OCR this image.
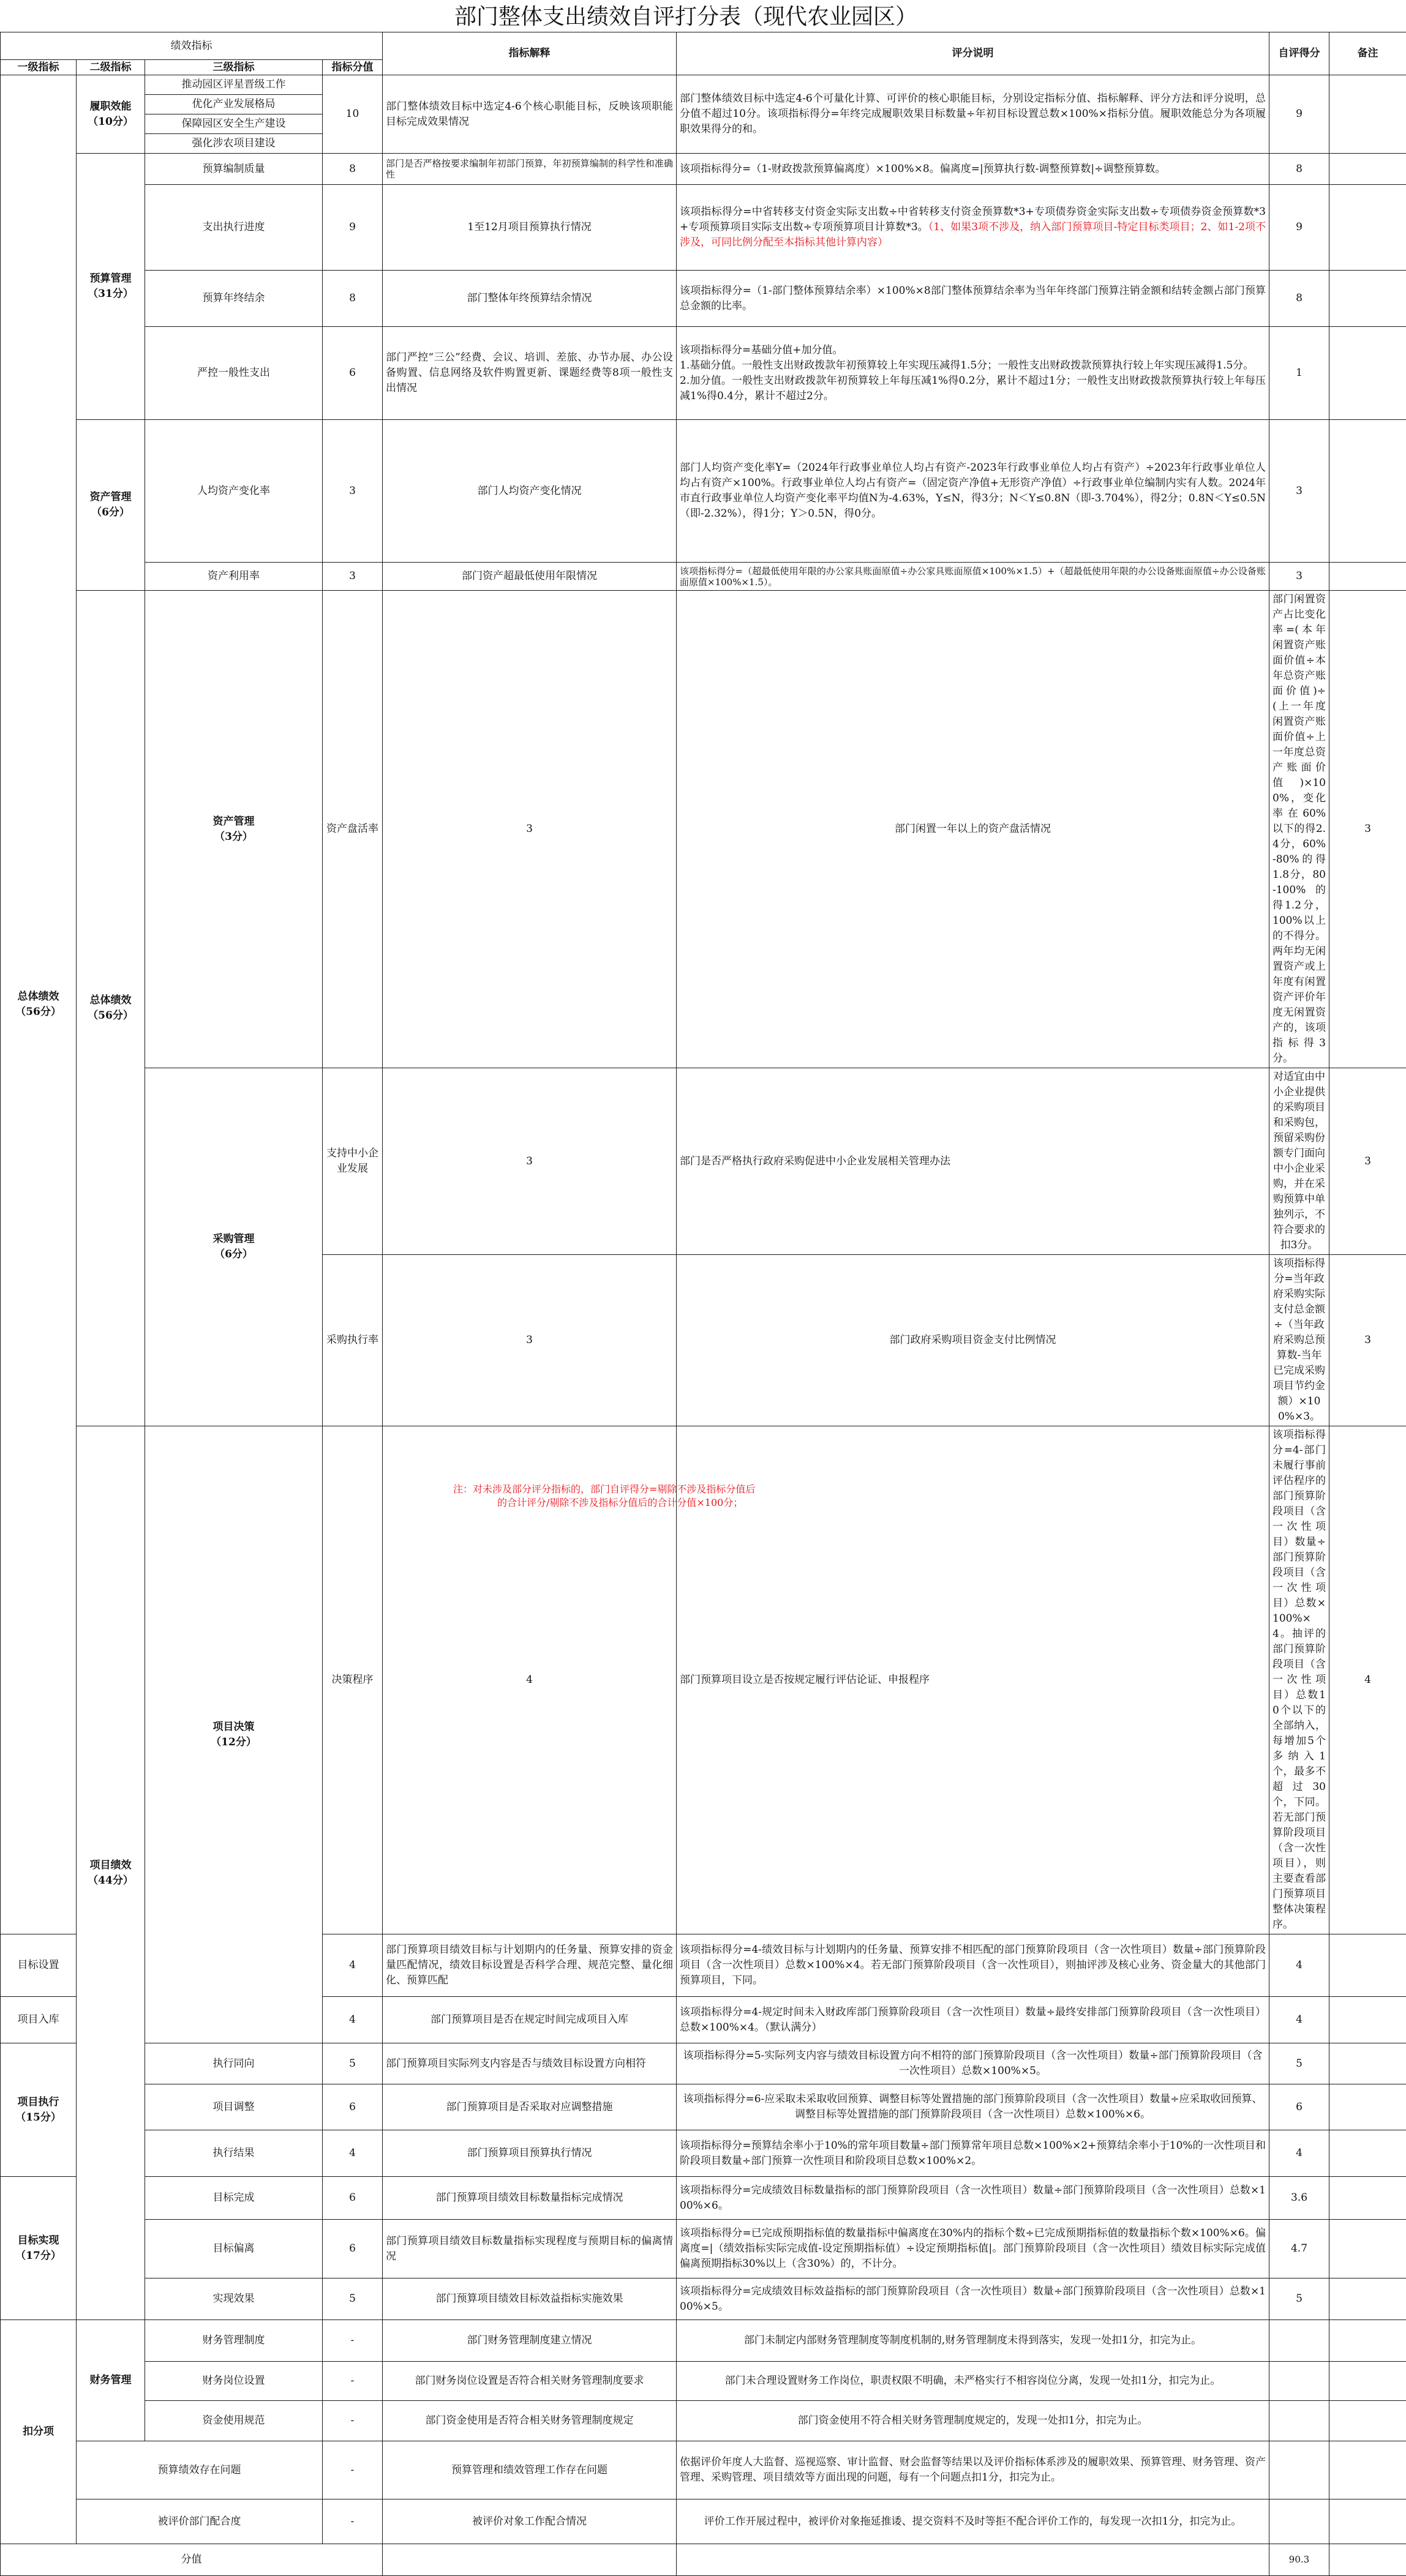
部门整体支出绩效自评打分表（现代农业园区）
绩效指标				指标解释	评分说明	自评得分	备注	
一级指标	二级指标	三级指标	指标分值					
总体绩效
（56分）	履职效能
（10分）	推动园区评星晋级工作	10	部门整体绩效目标中选定4-6个核心职能目标，反映该项职能目标完成效果情况	部门整体绩效目标中选定4-6个可量化计算、可评价的核心职能目标，分别设定指标分值、指标解释、评分方法和评分说明，总分值不超过10分。该项指标得分=年终完成履职效果目标数量÷年初目标设置总数×100%×指标分值。履职效能总分为各项履职效果得分的和。	9		
		优化产业发展格局						
		保障园区安全生产建设						
		强化涉农项目建设						
	预算管理
（31分）	预算编制质量	8	部门是否严格按要求编制年初部门预算，年初预算编制的科学性和准确性	该项指标得分=（1-财政拨款预算偏离度）×100%×8。偏离度=|预算执行数-调整预算数|÷调整预算数。	8		
		支出执行进度	9	1至12月项目预算执行情况	该项指标得分=中省转移支付资金实际支出数÷中省转移支付资金预算数*3+专项债券资金实际支出数÷专项债券资金预算数*3+专项预算项目实际支出数÷专项预算项目计算数*3。（1、如果3项不涉及，纳入部门预算项目-特定目标类项目；2、如1-2项不涉及，可同比例分配至本指标其他计算内容）	9		
		预算年终结余	8	部门整体年终预算结余情况	该项指标得分=（1-部门整体预算结余率）×100%×8部门整体预算结余率为当年年终部门预算注销金额和结转金额占部门预算总金额的比率。	8		
		严控一般性支出	6	部门严控“三公”经费、会议、培训、差旅、办节办展、办公设备购置、信息网络及软件购置更新、课题经费等8项一般性支出情况	该项指标得分=基础分值+加分值。
1.基础分值。一般性支出财政拨款年初预算较上年实现压减得1.5分；一般性支出财政拨款预算执行较上年实现压减得1.5分。
2.加分值。一般性支出财政拨款年初预算较上年每压减1%得0.2分，累计不超过1分；一般性支出财政拨款预算执行较上年每压减1%得0.4分，累计不超过2分。	1		
	资产管理
（6分）	人均资产变化率	3	部门人均资产变化情况	部门人均资产变化率Y=（2024年行政事业单位人均占有资产-2023年行政事业单位人均占有资产）÷2023年行政事业单位人均占有资产×100%。行政事业单位人均占有资产=（固定资产净值+无形资产净值）÷行政事业单位编制内实有人数。2024年市直行政事业单位人均资产变化率平均值N为-4.63%，Y≤N，得3分；N＜Y≤0.8N（即-3.704%），得2分；0.8N＜Y≤0.5N（即-2.32%），得1分；Y＞0.5N，得0分。	3		
		资产利用率	3	部门资产超最低使用年限情况	该项指标得分=（超最低使用年限的办公家具账面原值÷办公家具账面原值×100%×1.5）+（超最低使用年限的办公设备账面原值÷办公设备账面原值×100%×1.5）。	3		
	总体绩效
（56分）	资产管理
（3分）	资产盘活率	3	部门闲置一年以上的资产盘活情况	部门闲置资产占比变化率=(本年闲置资产账面价值÷本年总资产账面价值)÷(上一年度闲置资产账面价值÷上一年度总资产账面价值)×100%，变化率在60%以下的得2.4分，60%-80%的得1.8分，80-100%的得1.2分，100%以上的不得分。两年均无闲置资产或上年度有闲置资产评价年度无闲置资产的，该项指标得3分。	3	
		采购管理
（6分）	支持中小企业发展	3	部门是否严格执行政府采购促进中小企业发展相关管理办法	对适宜由中小企业提供的采购项目和采购包，预留采购份额专门面向中小企业采购，并在采购预算中单独列示，不符合要求的扣3分。	3	
			采购执行率	3	部门政府采购项目资金支付比例情况	该项指标得分=当年政府采购实际支付总金额÷（当年政府采购总预算数-当年已完成采购项目节约金额）×100%×3。	3	
	项目绩效
（44分）	项目决策
（12分）	决策程序	4	部门预算项目设立是否按规定履行评估论证、申报程序	该项指标得分=4-部门未履行事前评估程序的部门预算阶段项目（含一次性项目）数量÷部门预算阶段项目（含一次性项目）总数×100%×4。抽评的部门预算阶段项目（含一次性项目）总数10个以下的全部纳入，每增加5个多纳入1个，最多不超过30个，下同。若无部门预算阶段项目（含一次性项目），则主要查看部门预算项目整体决策程序。	4	
目标设置			4	部门预算项目绩效目标与计划期内的任务量、预算安排的资金量匹配情况，绩效目标设置是否科学合理、规范完整、量化细化、预算匹配	该项指标得分=4-绩效目标与计划期内的任务量、预算安排不相匹配的部门预算阶段项目（含一次性项目）数量÷部门预算阶段项目（含一次性项目）总数×100%×4。若无部门预算阶段项目（含一次性项目），则抽评涉及核心业务、资金量大的其他部门预算项目，下同。	4		
项目入库			4	部门预算项目是否在规定时间完成项目入库	该项指标得分=4-规定时间未入财政库部门预算阶段项目（含一次性项目）数量÷最终安排部门预算阶段项目（含一次性项目）总数×100%×4。（默认满分）	4		
项目执行
（15分）		执行同向	5	部门预算项目实际列支内容是否与绩效目标设置方向相符	该项指标得分=5-实际列支内容与绩效目标设置方向不相符的部门预算阶段项目（含一次性项目）数量÷部门预算阶段项目（含一次性项目）总数×100%×5。	5		
		项目调整	6	部门预算项目是否采取对应调整措施	该项指标得分=6-应采取未采取收回预算、调整目标等处置措施的部门预算阶段项目（含一次性项目）数量÷应采取收回预算、调整目标等处置措施的部门预算阶段项目（含一次性项目）总数×100%×6。	6		
		执行结果	4	部门预算项目预算执行情况	该项指标得分=预算结余率小于10%的常年项目数量÷部门预算常年项目总数×100%×2+预算结余率小于10%的一次性项目和阶段项目数量÷部门预算一次性项目和阶段项目总数×100%×2。	4		
目标实现
（17分）		目标完成	6	部门预算项目绩效目标数量指标完成情况	该项指标得分=完成绩效目标数量指标的部门预算阶段项目（含一次性项目）数量÷部门预算阶段项目（含一次性项目）总数×100%×6。	3.6		
		目标偏离	6	部门预算项目绩效目标数量指标实现程度与预期目标的偏离情况	该项指标得分=已完成预期指标值的数量指标中偏离度在30%内的指标个数÷已完成预期指标值的数量指标个数×100%×6。偏离度=|（绩效指标实际完成值-设定预期指标值）÷设定预期指标值|。部门预算阶段项目（含一次性项目）绩效目标实际完成值偏离预期指标30%以上（含30%）的，不计分。	4.7		
		实现效果	5	部门预算项目绩效目标效益指标实施效果	该项指标得分=完成绩效目标效益指标的部门预算阶段项目（含一次性项目）数量÷部门预算阶段项目（含一次性项目）总数×100%×5。	5		
扣分项	财务管理	财务管理制度	-	部门财务管理制度建立情况	部门未制定内部财务管理制度等制度机制的,财务管理制度未得到落实，发现一处扣1分，扣完为止。			
		财务岗位设置	-	部门财务岗位设置是否符合相关财务管理制度要求	部门未合理设置财务工作岗位，职责权限不明确，未严格实行不相容岗位分离，发现一处扣1分，扣完为止。			
		资金使用规范	-	部门资金使用是否符合相关财务管理制度规定	部门资金使用不符合相关财务管理制度规定的，发现一处扣1分，扣完为止。			
	预算绩效存在问题		-	预算管理和绩效管理工作存在问题	依据评价年度人大监督、巡视巡察、审计监督、财会监督等结果以及评价指标体系涉及的履职效果、预算管理、财务管理、资产管理、采购管理、项目绩效等方面出现的问题，每有一个问题点扣1分，扣完为止。			
	被评价部门配合度		-	被评价对象工作配合情况	评价工作开展过程中，被评价对象拖延推诿、提交资料不及时等拒不配合评价工作的，每发现一次扣1分，扣完为止。			
分值						90.3		
注：对未涉及部分评分指标的，部门自评得分=剔除不涉及指标分值后
的合计评分/剔除不涉及指标分值后的合计分值×100分；
